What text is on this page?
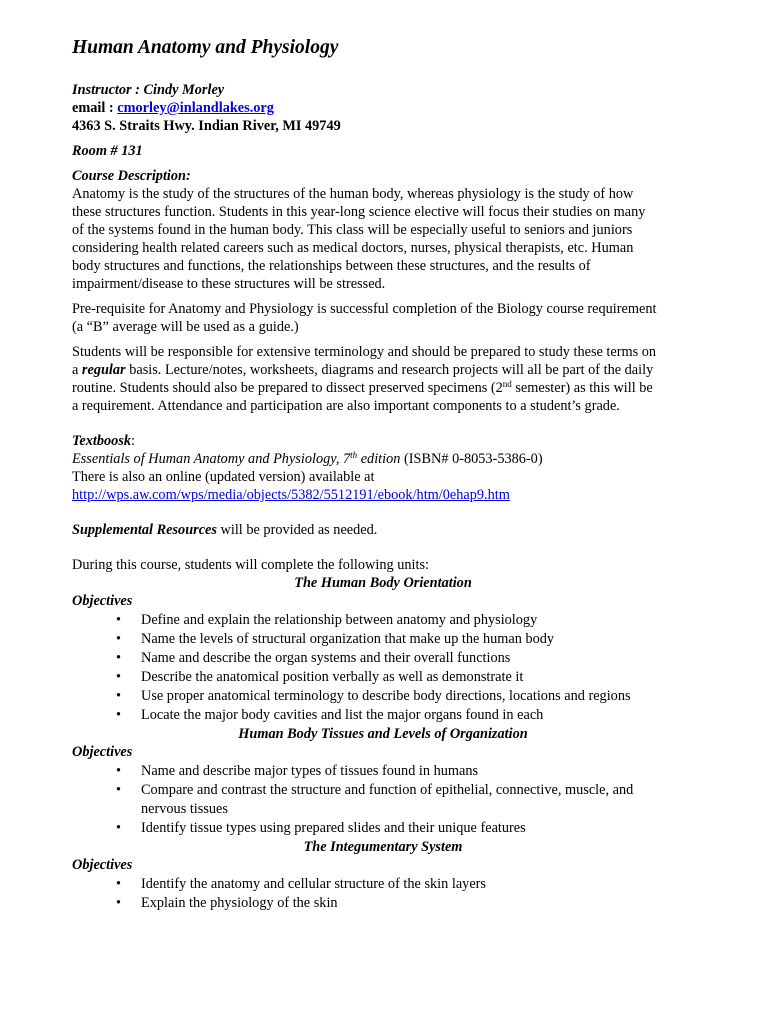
Human Anatomy and Physiology
Instructor : Cindy Morley
email : cmorley@inlandlakes.org
4363 S. Straits Hwy. Indian River, MI 49749
Room # 131
Course Description:
Anatomy is the study of the structures of the human body, whereas physiology is the study of how
these structures function. Students in this year-long science elective will focus their studies on many
of the systems found in the human body. This class will be especially useful to seniors and juniors
considering health related careers such as medical doctors, nurses, physical therapists, etc. Human
body structures and functions, the relationships between these structures, and the results of
impairment/disease to these structures will be stressed.
Pre-requisite for Anatomy and Physiology is successful completion of the Biology course requirement
(a “B” average will be used as a guide.)
Students will be responsible for extensive terminology and should be prepared to study these terms on
a regular basis. Lecture/notes, worksheets, diagrams and research projects will all be part of the daily
routine. Students should also be prepared to dissect preserved specimens (2nd semester) as this will be
a requirement. Attendance and participation are also important components to a student’s grade.
Textboosk:
Essentials of Human Anatomy and Physiology, 7th edition (ISBN# 0-8053-5386-0)
There is also an online (updated version) available at
http://wps.aw.com/wps/media/objects/5382/5512191/ebook/htm/0ehap9.htm
Supplemental Resources will be provided as needed.
During this course, students will complete the following units:
The Human Body Orientation
Objectives
• Define and explain the relationship between anatomy and physiology
• Name the levels of structural organization that make up the human body
• Name and describe the organ systems and their overall functions
• Describe the anatomical position verbally as well as demonstrate it
• Use proper anatomical terminology to describe body directions, locations and regions
• Locate the major body cavities and list the major organs found in each
Human Body Tissues and Levels of Organization
Objectives
• Name and describe major types of tissues found in humans
• Compare and contrast the structure and function of epithelial, connective, muscle, and
nervous tissues
• Identify tissue types using prepared slides and their unique features
The Integumentary System
Objectives
• Identify the anatomy and cellular structure of the skin layers
• Explain the physiology of the skin
